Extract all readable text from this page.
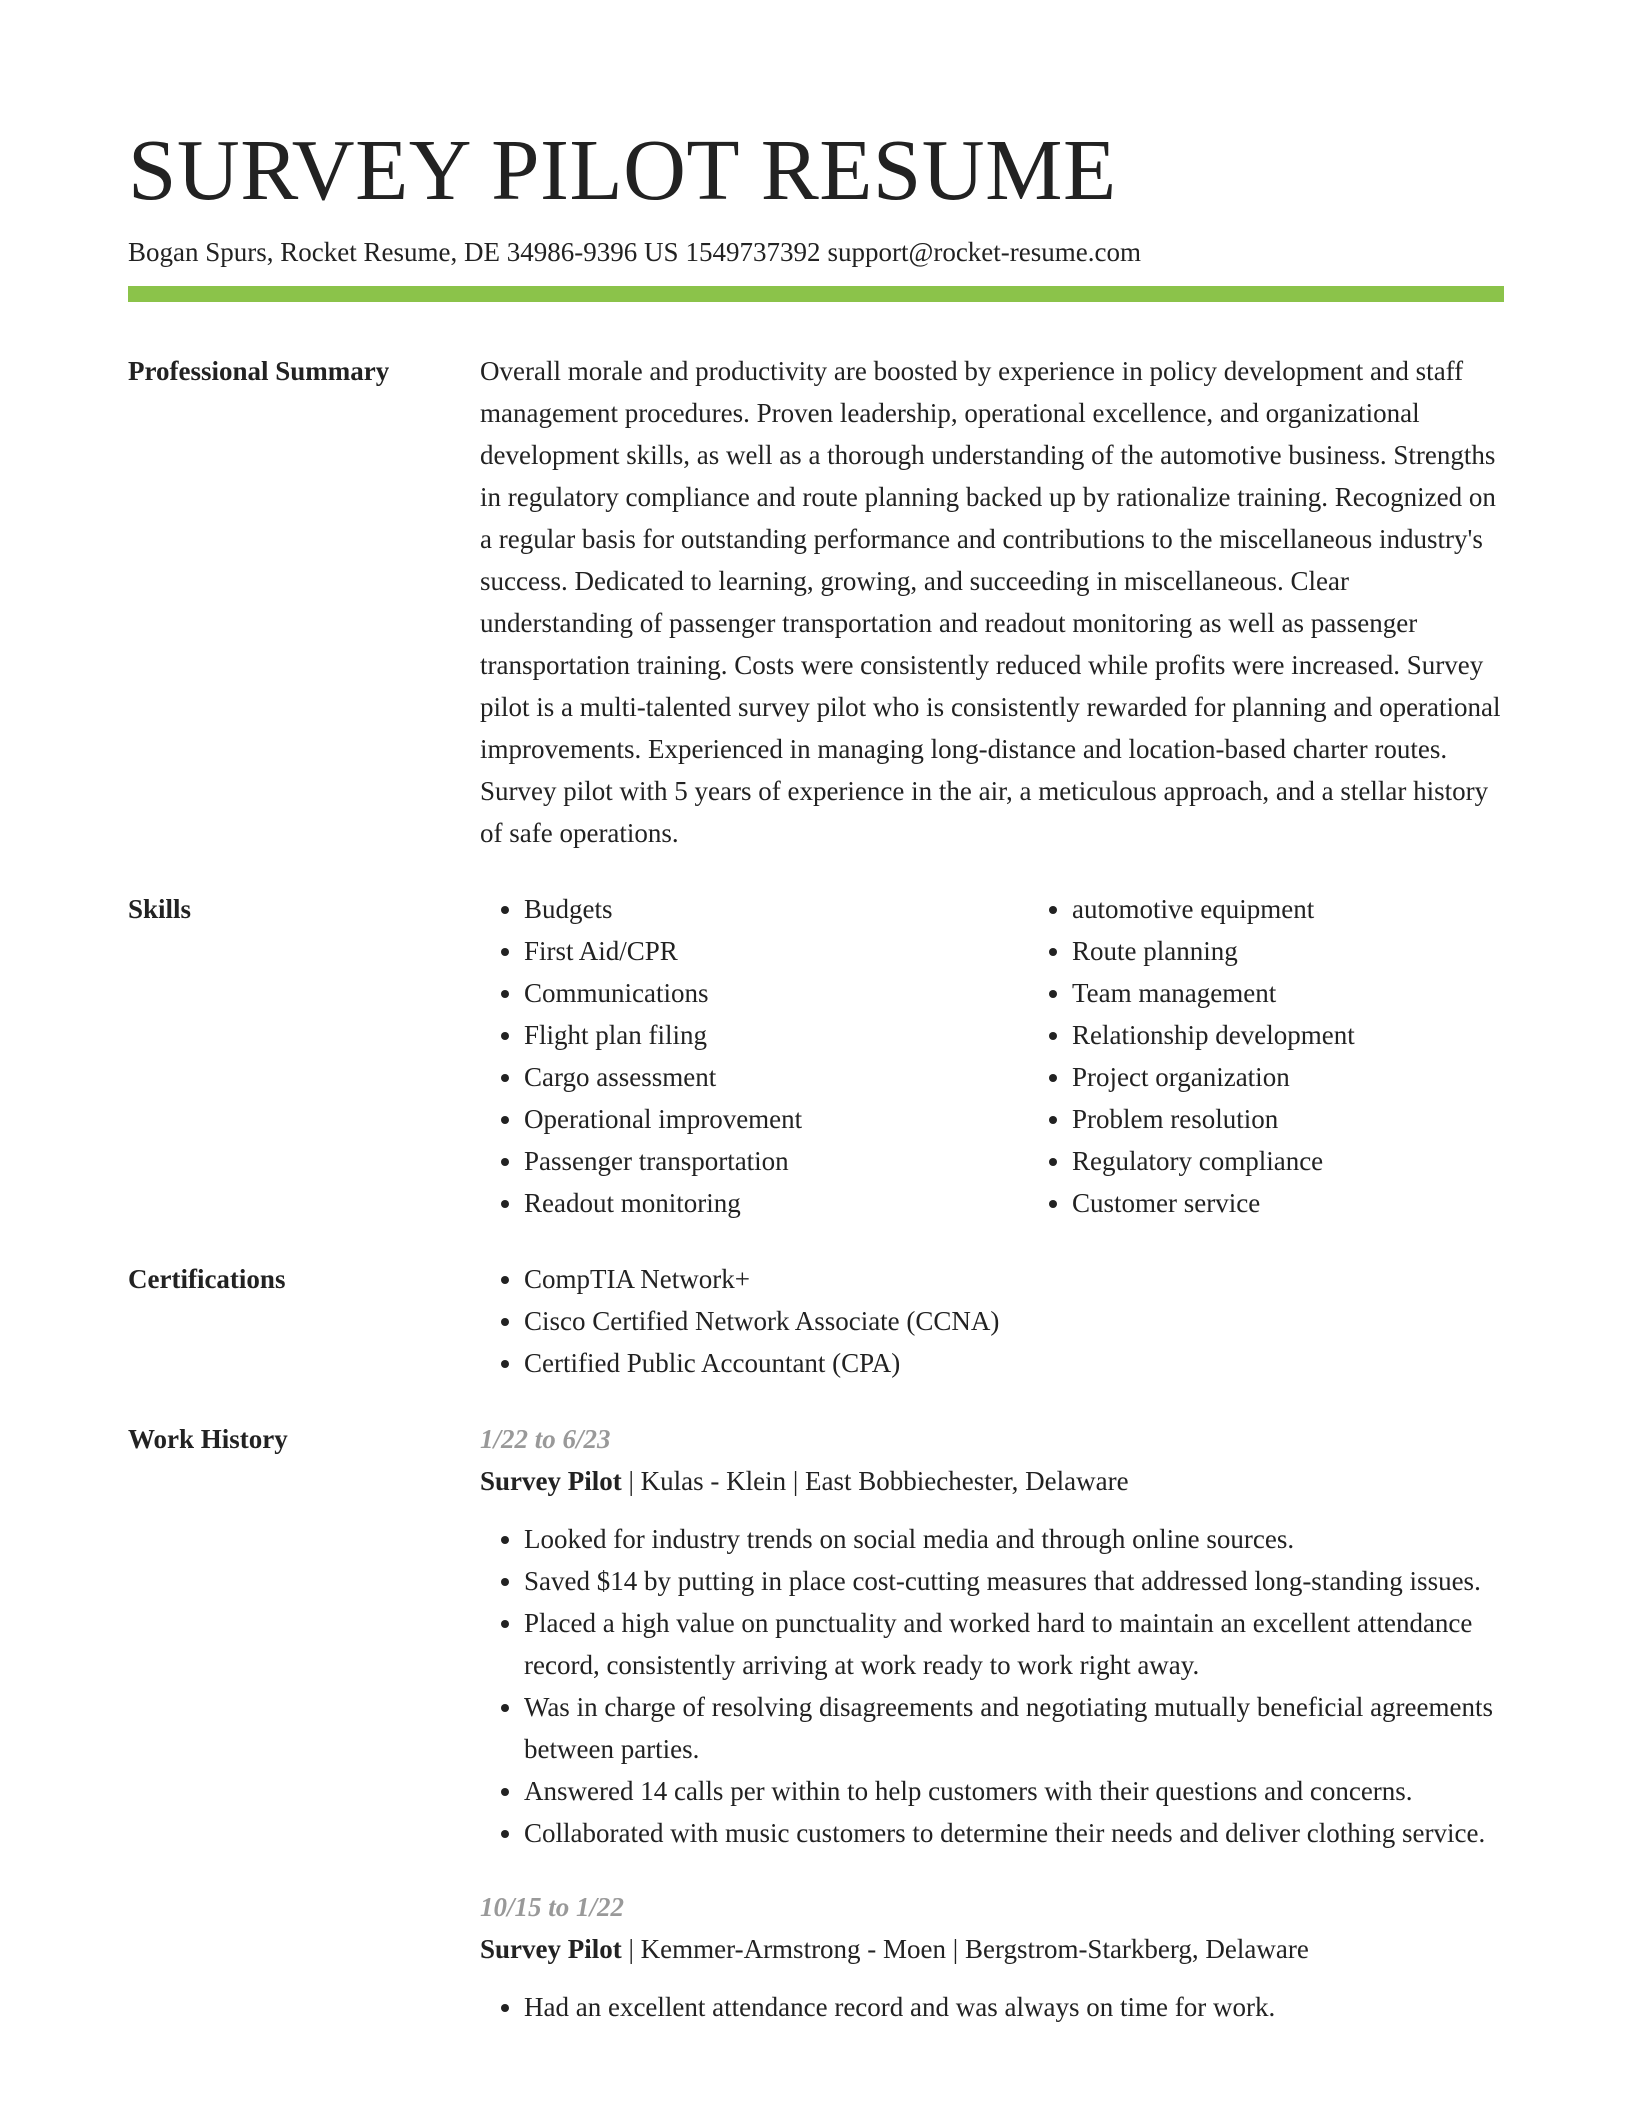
SURVEY PILOT RESUME
Bogan Spurs, Rocket Resume, DE 34986-9396 US 1549737392 support@rocket-resume.com
Professional Summary	Overall morale and productivity are boosted by experience in policy development and staff management procedures. Proven leadership, operational excellence, and organizational development skills, as well as a thorough understanding of the automotive business. Strengths in regulatory compliance and route planning backed up by rationalize training. Recognized on a regular basis for outstanding performance and contributions to the miscellaneous industry's success. Dedicated to learning, growing, and succeeding in miscellaneous. Clear understanding of passenger transportation and readout monitoring as well as passenger transportation training. Costs were consistently reduced while profits were increased. Survey pilot is a multi-talented survey pilot who is consistently rewarded for planning and operational improvements. Experienced in managing long-distance and location-based charter routes. Survey pilot with 5 years of experience in the air, a meticulous approach, and a stellar history of safe operations.

Skills	• Budgets
• First Aid/CPR
• Communications
• Flight plan filing
• Cargo assessment
• Operational improvement
• Passenger transportation
• Readout monitoring
• automotive equipment
• Route planning
• Team management
• Relationship development
• Project organization
• Problem resolution
• Regulatory compliance
• Customer service
Certifications	• CompTIA Network+
• Cisco Certified Network Associate (CCNA)
• Certified Public Accountant (CPA)
Work History	1/22 to 6/23
Survey Pilot | Kulas - Klein | East Bobbiechester, Delaware
• Looked for industry trends on social media and through online sources.
• Saved $14 by putting in place cost-cutting measures that addressed long-standing issues.
• Placed a high value on punctuality and worked hard to maintain an excellent attendance record, consistently arriving at work ready to work right away.
• Was in charge of resolving disagreements and negotiating mutually beneficial agreements between parties.
• Answered 14 calls per within to help customers with their questions and concerns.
• Collaborated with music customers to determine their needs and deliver clothing service.
10/15 to 1/22
Survey Pilot | Kemmer-Armstrong - Moen | Bergstrom-Starkberg, Delaware
• Had an excellent attendance record and was always on time for work.
